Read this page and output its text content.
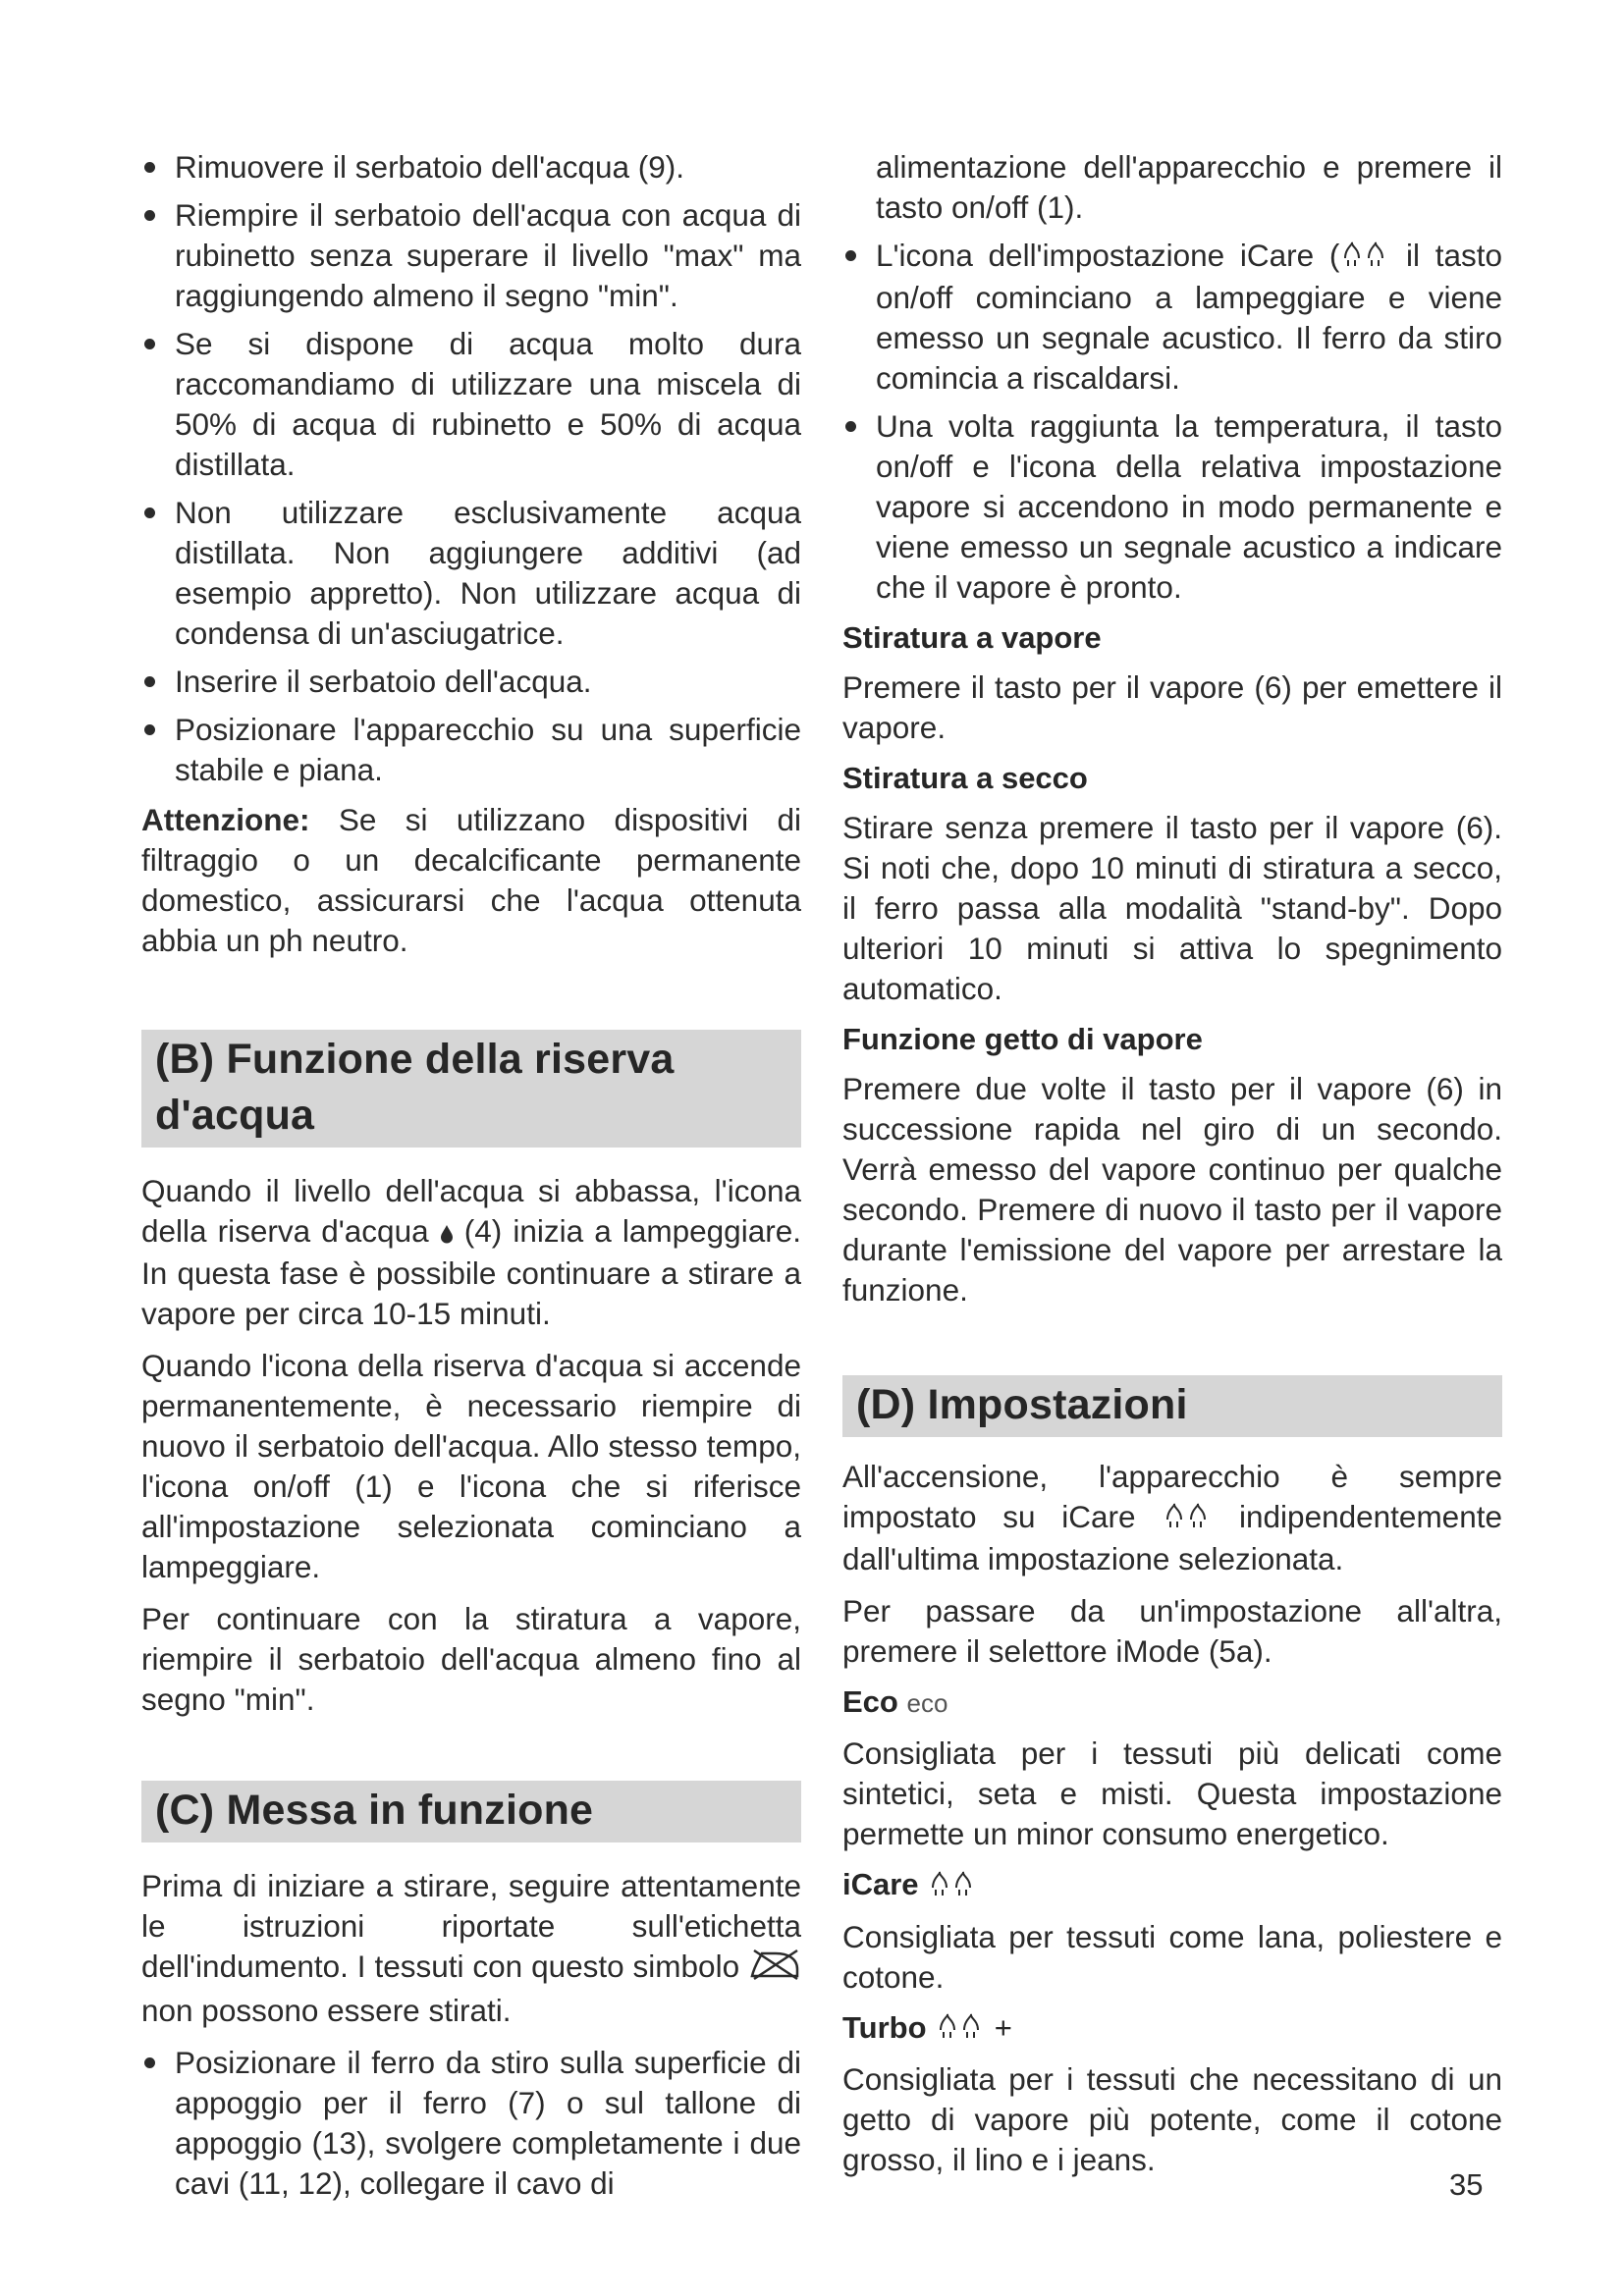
Rimuovere il serbatoio dell'acqua (9).
Riempire il serbatoio dell'acqua con acqua di rubinetto senza superare il livello "max" ma raggiungendo almeno il segno "min".
Se si dispone di acqua molto dura raccomandiamo di utilizzare una miscela di 50% di acqua di rubinetto e 50% di acqua distillata.
Non utilizzare esclusivamente acqua distillata. Non aggiungere additivi (ad esempio appretto). Non utilizzare acqua di condensa di un'asciugatrice.
Inserire il serbatoio dell'acqua.
Posizionare l'apparecchio su una superficie stabile e piana.

Attenzione: Se si utilizzano dispositivi di filtraggio o un decalcificante permanente domestico, assicurarsi che l'acqua ottenuta abbia un ph neutro.

(B) Funzione della riserva d'acqua

Quando il livello dell'acqua si abbassa, l'icona della riserva d'acqua  (4) inizia a lampeggiare. In questa fase è possibile continuare a stirare a vapore per circa 10-15 minuti.

Quando l'icona della riserva d'acqua si accende permanentemente, è necessario riempire di nuovo il serbatoio dell'acqua. Allo stesso tempo, l'icona on/off (1) e l'icona che si riferisce all'impostazione selezionata cominciano a lampeggiare.

Per continuare con la stiratura a vapore, riempire il serbatoio dell'acqua almeno fino al segno "min".

(C) Messa in funzione

Prima di iniziare a stirare, seguire attentamente le istruzioni riportate sull'etichetta dell'indumento. I tessuti con questo simbolo  non possono essere stirati.

Posizionare il ferro da stiro sulla superficie di appoggio per il ferro (7) o sul tallone di appoggio (13), svolgere completamente i due cavi (11, 12), collegare il cavo di
alimentazione dell'apparecchio e premere il tasto on/off (1).
L'icona dell'impostazione iCare ( il tasto on/off cominciano a lampeggiare e viene emesso un segnale acustico. Il ferro da stiro comincia a riscaldarsi.
Una volta raggiunta la temperatura, il tasto on/off e l'icona della relativa impostazione vapore si accendono in modo permanente e viene emesso un segnale acustico a indicare che il vapore è pronto.
Stiratura a vapore

Premere il tasto per il vapore (6) per emettere il vapore.

Stiratura a secco

Stirare senza premere il tasto per il vapore (6). Si noti che, dopo 10 minuti di stiratura a secco, il ferro passa alla modalità "stand-by". Dopo ulteriori 10 minuti si attiva lo spegnimento automatico.

Funzione getto di vapore

Premere due volte il tasto per il vapore (6) in successione rapida nel giro di un secondo. Verrà emesso del vapore continuo per qualche secondo. Premere di nuovo il tasto per il vapore durante l'emissione del vapore per arrestare la funzione.

(D) Impostazioni

All'accensione, l'apparecchio è sempre impostato su iCare  indipendentemente dall'ultima impostazione selezionata.

Per passare da un'impostazione all'altra, premere il selettore iMode (5a).

Eco eco

Consigliata per i tessuti più delicati come sintetici, seta e misti. Questa impostazione permette un minor consumo energetico.

iCare

Consigliata per tessuti come lana, poliestere e cotone.

Turbo +

Consigliata per i tessuti che necessitano di un getto di vapore più potente, come il cotone grosso, il lino e i jeans.

35
